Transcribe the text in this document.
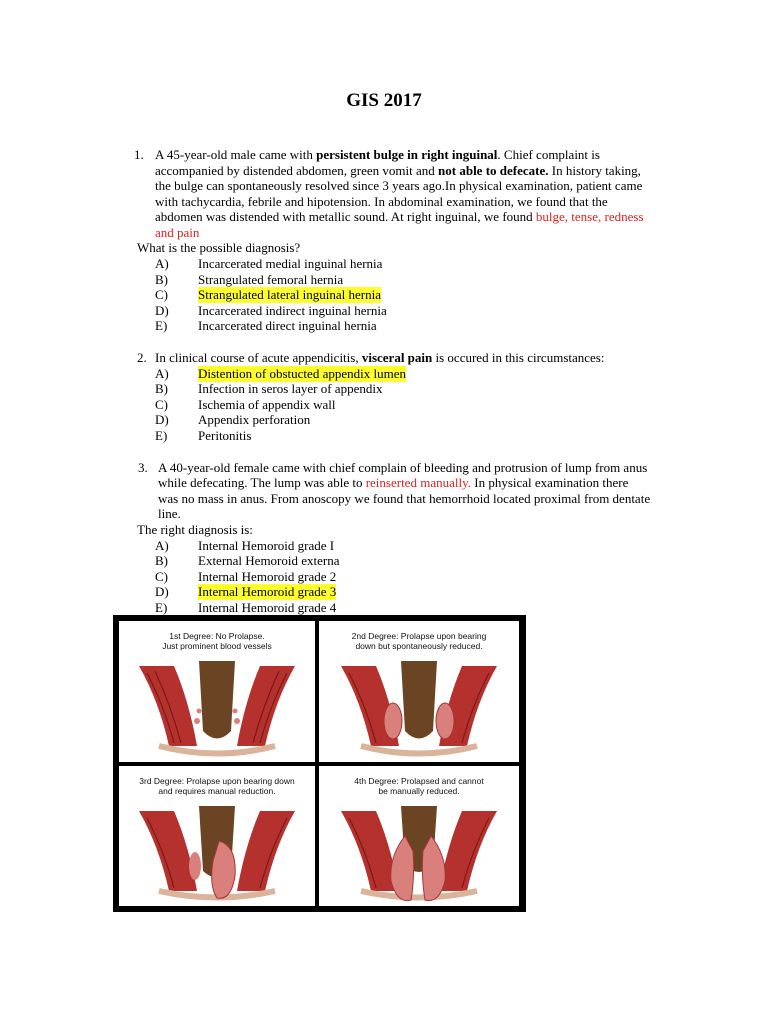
GIS 2017
1. A 45-year-old male came with persistent bulge in right inguinal. Chief complaint is
accompanied by distended abdomen, green vomit and not able to defecate. In history taking,
the bulge can spontaneously resolved since 3 years ago.In physical examination, patient came
with tachycardia, febrile and hipotension. In abdominal examination, we found that the
abdomen was distended with metallic sound. At right inguinal, we found bulge, tense, redness
and pain
What is the possible diagnosis?
A) Incarcerated medial inguinal hernia
B) Strangulated femoral hernia
C) Strangulated lateral inguinal hernia
D) Incarcerated indirect inguinal hernia
E) Incarcerated direct inguinal hernia
2. In clinical course of acute appendicitis, visceral pain is occured in this circumstances:
A) Distention of obstucted appendix lumen
B) Infection in seros layer of appendix
C) Ischemia of appendix wall
D) Appendix perforation
E) Peritonitis
3. A 40-year-old female came with chief complain of bleeding and protrusion of lump from anus
while defecating. The lump was able to reinserted manually. In physical examination there
was no mass in anus. From anoscopy we found that hemorrhoid located proximal from dentate
line.
The right diagnosis is:
A) Internal Hemoroid grade I
B) External Hemoroid externa
C) Internal Hemoroid grade 2
D) Internal Hemoroid grade 3
E) Internal Hemoroid grade 4
1st Degree: No Prolapse.
Just prominent blood vessels
2nd Degree: Prolapse upon bearing
down but spontaneously reduced.
3rd Degree: Prolapse upon bearing down
and requires manual reduction.
4th Degree: Prolapsed and cannot
be manually reduced.
